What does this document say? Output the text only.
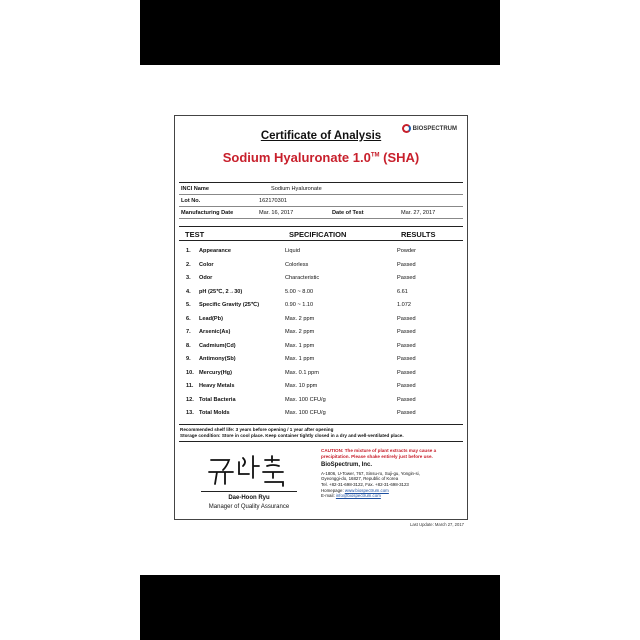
BIOSPECTRUM
Certificate of Analysis
Sodium Hyaluronate 1.0™ (SHA)
INCI Name	Sodium Hyaluronate
Lot No.	162170301
Manufacturing Date	Mar. 16, 2017	Date of Test	Mar. 27, 2017
TEST	SPECIFICATION	RESULTS
1. Appearance	Liquid	Powder
2. Color	Colorless	Passed
3. Odor	Characteristic	Passed
4. pH (25℃, 2→30)	5.00 ~ 8.00	6.61
5. Specific Gravity (25℃)	0.90 ~ 1.10	1.072
6. Lead(Pb)	Max. 2 ppm	Passed
7. Arsenic(As)	Max. 2 ppm	Passed
8. Cadmium(Cd)	Max. 1 ppm	Passed
9. Antimony(Sb)	Max. 1 ppm	Passed
10. Mercury(Hg)	Max. 0.1 ppm	Passed
11. Heavy Metals	Max. 10 ppm	Passed
12. Total Bacteria	Max. 100 CFU/g	Passed
13. Total Molds	Max. 100 CFU/g	Passed
Recommended shelf life: 3 years before opening / 1 year after opening
Storage condition: Store in cool place. Keep container tightly closed in a dry and well-ventilated place.
Dae-Hoon Ryu
Manager of Quality Assurance
CAUTION: The mixture of plant extracts may cause a precipitation. Please shake entirely just before use.
BioSpectrum, Inc.
A-1806, U-Tower, 767, Sinsu-ro, Suji-gu, Yongin-si,
Gyeonggi-do, 16827, Republic of Korea
Tel. +82-31-698-3122, Fax. +82-31-698-3123
Homepage: www.biospectrum.com
E-mail: info@biospectrum.com
Last Update: March 27, 2017
